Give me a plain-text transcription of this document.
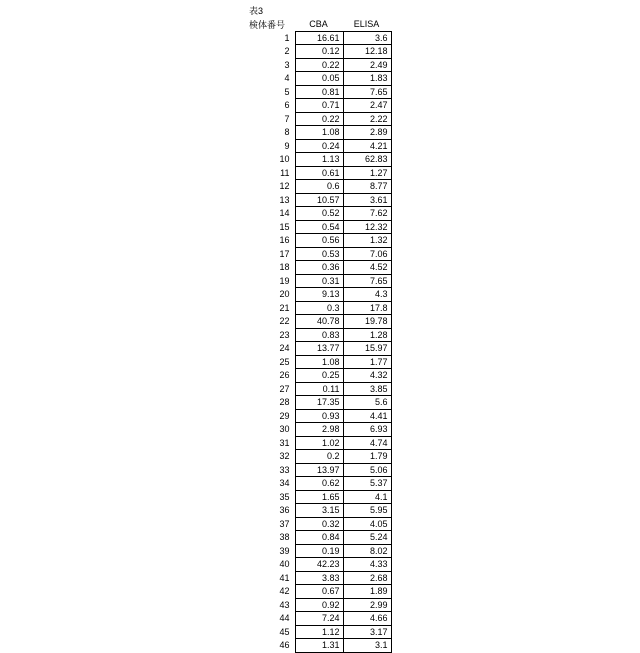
表3
検体番号	CBA	ELISA
1	16.61	3.6
2	0.12	12.18
3	0.22	2.49
4	0.05	1.83
5	0.81	7.65
6	0.71	2.47
7	0.22	2.22
8	1.08	2.89
9	0.24	4.21
10	1.13	62.83
11	0.61	1.27
12	0.6	8.77
13	10.57	3.61
14	0.52	7.62
15	0.54	12.32
16	0.56	1.32
17	0.53	7.06
18	0.36	4.52
19	0.31	7.65
20	9.13	4.3
21	0.3	17.8
22	40.78	19.78
23	0.83	1.28
24	13.77	15.97
25	1.08	1.77
26	0.25	4.32
27	0.11	3.85
28	17.35	5.6
29	0.93	4.41
30	2.98	6.93
31	1.02	4.74
32	0.2	1.79
33	13.97	5.06
34	0.62	5.37
35	1.65	4.1
36	3.15	5.95
37	0.32	4.05
38	0.84	5.24
39	0.19	8.02
40	42.23	4.33
41	3.83	2.68
42	0.67	1.89
43	0.92	2.99
44	7.24	4.66
45	1.12	3.17
46	1.31	3.1
